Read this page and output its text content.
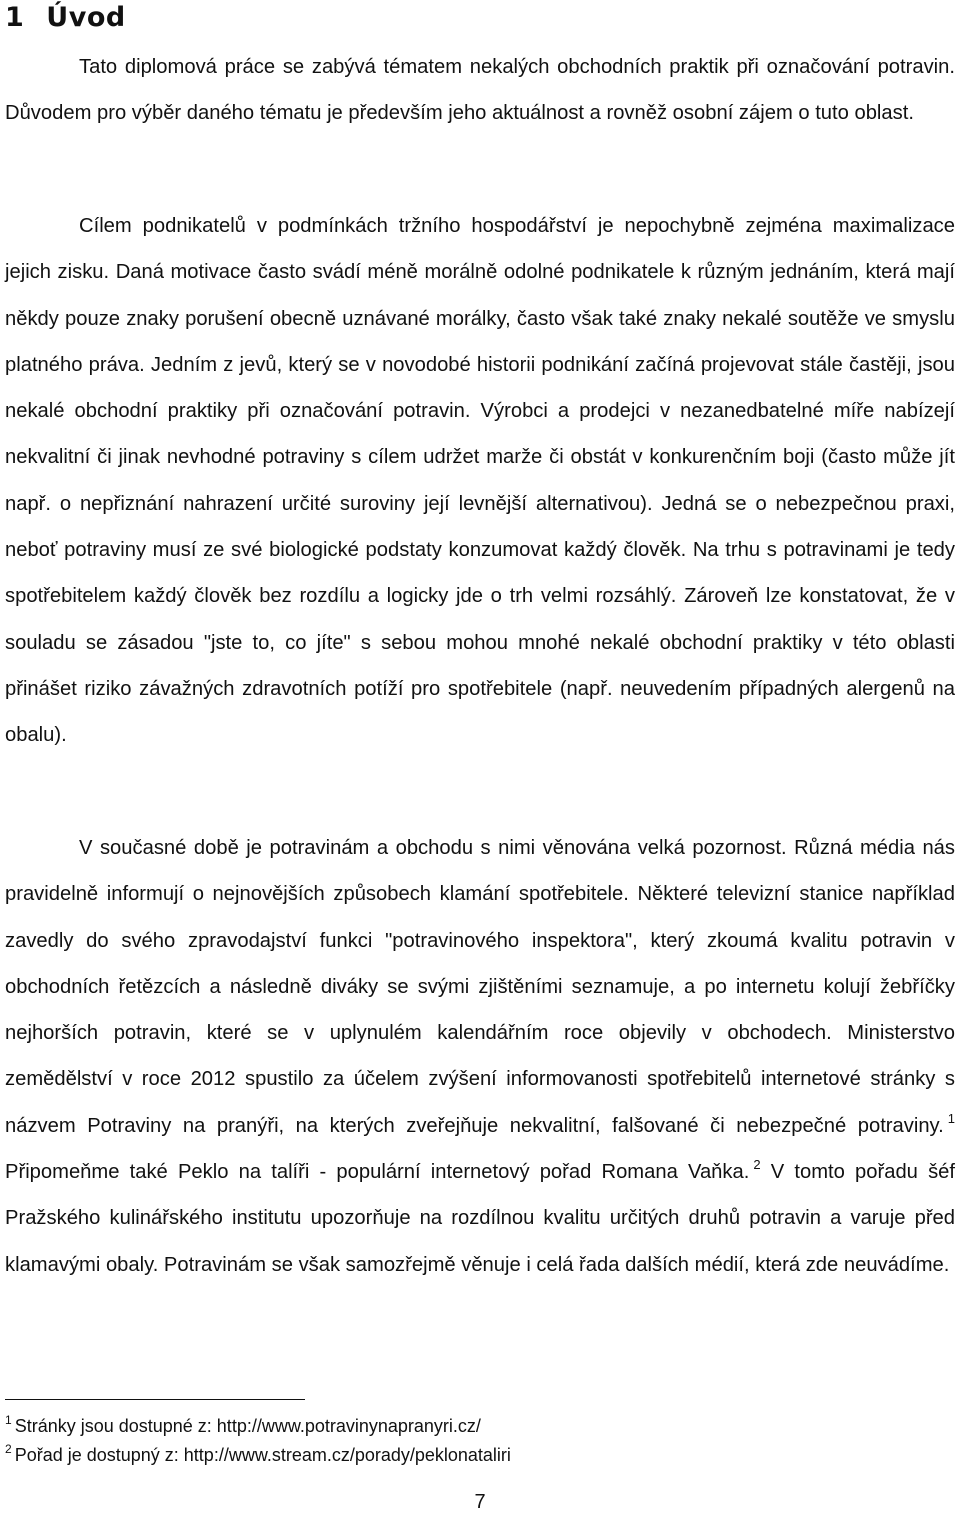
1 Úvod

Tato diplomová práce se zabývá tématem nekalých obchodních praktik při označování potravin. Důvodem pro výběr daného tématu je především jeho aktuálnost a rovněž osobní zájem o tuto oblast.

Cílem podnikatelů v podmínkách tržního hospodářství je nepochybně zejména maximalizace jejich zisku. Daná motivace často svádí méně morálně odolné podnikatele k různým jednáním, která mají někdy pouze znaky porušení obecně uznávané morálky, často však také znaky nekalé soutěže ve smyslu platného práva. Jedním z jevů, který se v novodobé historii podnikání začíná projevovat stále častěji, jsou nekalé obchodní praktiky při označování potravin. Výrobci a prodejci v nezanedbatelné míře nabízejí nekvalitní či jinak nevhodné potraviny s cílem udržet marže či obstát v konkurenčním boji (často může jít např. o nepřiznání nahrazení určité suroviny její levnější alternativou). Jedná se o nebezpečnou praxi, neboť potraviny musí ze své biologické podstaty konzumovat každý člověk. Na trhu s potravinami je tedy spotřebitelem každý člověk bez rozdílu a logicky jde o trh velmi rozsáhlý. Zároveň lze konstatovat, že v souladu se zásadou "jste to, co jíte" s sebou mohou mnohé nekalé obchodní praktiky v této oblasti přinášet riziko závažných zdravotních potíží pro spotřebitele (např. neuvedením případných alergenů na obalu).

V současné době je potravinám a obchodu s nimi věnována velká pozornost. Různá média nás pravidelně informují o nejnovějších způsobech klamání spotřebitele. Některé televizní stanice například zavedly do svého zpravodajství funkci "potravinového inspektora", který zkoumá kvalitu potravin v obchodních řetězcích a následně diváky se svými zjištěními seznamuje, a po internetu kolují žebříčky nejhorších potravin, které se v uplynulém kalendářním roce objevily v obchodech. Ministerstvo zemědělství v roce 2012 spustilo za účelem zvýšení informovanosti spotřebitelů internetové stránky s názvem Potraviny na pranýři, na kterých zveřejňuje nekvalitní, falšované či nebezpečné potraviny. $^1$ Připomeňme také Peklo na talíři - populární internetový pořad Romana Vaňka. $^2$ V tomto pořadu šéf Pražského kulinářského institutu upozorňuje na rozdílnou kvalitu určitých druhů potravin a varuje před klamavými obaly. Potravinám se však samozřejmě věnuje i celá řada dalších médií, která zde neuvádíme.

$^1$ Stránky jsou dostupné z: http://www.potravinynapranyri.cz/
$^2$ Pořad je dostupný z: http://www.stream.cz/porady/peklonataliri
7
